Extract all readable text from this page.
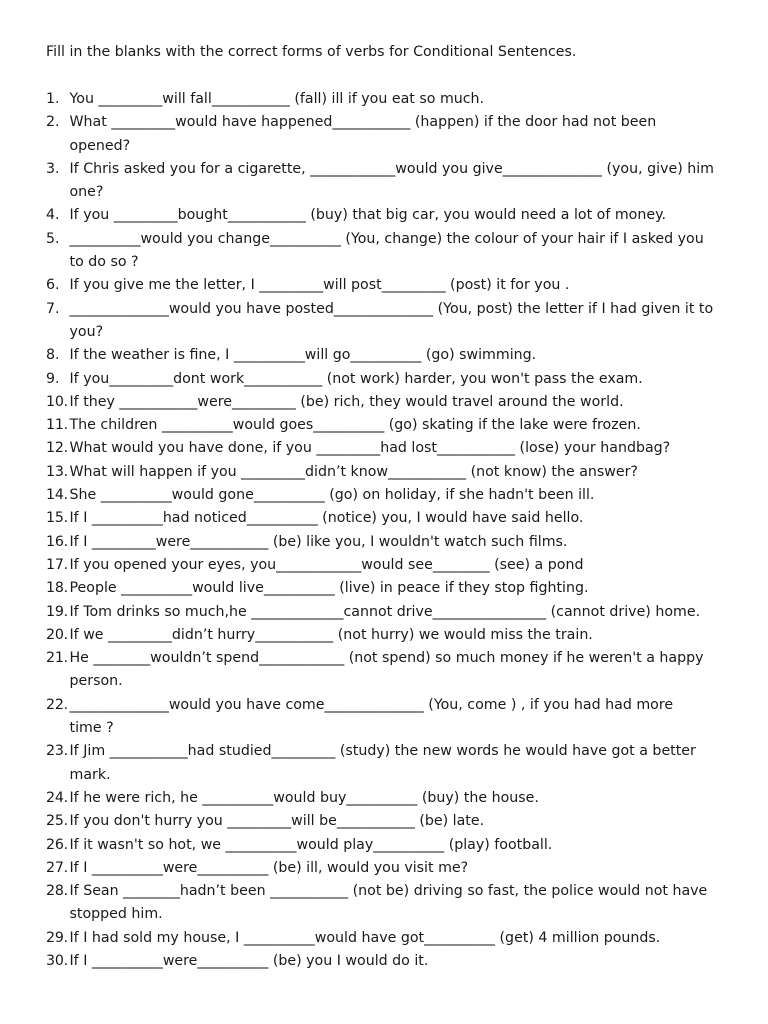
Fill in the blanks with the correct forms of verbs for Conditional Sentences.

1. You _________will fall___________ (fall) ill if you eat so much.
2. What _________would have happened___________ (happen) if the door had not been
opened?
3. If Chris asked you for a cigarette, ____________would you give______________ (you, give) him
one?
4. If you _________bought___________ (buy) that big car, you would need a lot of money.
5. __________would you change__________ (You, change) the colour of your hair if I asked you
to do so ?
6. If you give me the letter, I _________will post_________ (post) it for you .
7. ______________would you have posted______________ (You, post) the letter if I had given it to
you?
8. If the weather is fine, I __________will go__________ (go) swimming.
9. If you_________dont work___________ (not work) harder, you won't pass the exam.
10. If they ___________were_________ (be) rich, they would travel around the world.
11. The children __________would goes__________ (go) skating if the lake were frozen.
12. What would you have done, if you _________had lost___________ (lose) your handbag?
13. What will happen if you _________didn’t know___________ (not know) the answer?
14. She __________would gone__________ (go) on holiday, if she hadn't been ill.
15. If I __________had noticed__________ (notice) you, I would have said hello.
16. If I _________were___________ (be) like you, I wouldn't watch such films.
17. If you opened your eyes, you____________would see________ (see) a pond
18. People __________would live__________ (live) in peace if they stop fighting.
19. If Tom drinks so much,he _____________cannot drive________________ (cannot drive) home.
20. If we _________didn’t hurry___________ (not hurry) we would miss the train.
21. He ________wouldn’t spend____________ (not spend) so much money if he weren't a happy
person.
22. ______________would you have come______________ (You, come ) , if you had had more
time ?
23. If Jim ___________had studied_________ (study) the new words he would have got a better
mark.
24. If he were rich, he __________would buy__________ (buy) the house.
25. If you don't hurry you _________will be___________ (be) late.
26. If it wasn't so hot, we __________would play__________ (play) football.
27. If I __________were__________ (be) ill, would you visit me?
28. If Sean ________hadn’t been ___________ (not be) driving so fast, the police would not have
stopped him.
29. If I had sold my house, I __________would have got__________ (get) 4 million pounds.
30. If I __________were__________ (be) you I would do it.
